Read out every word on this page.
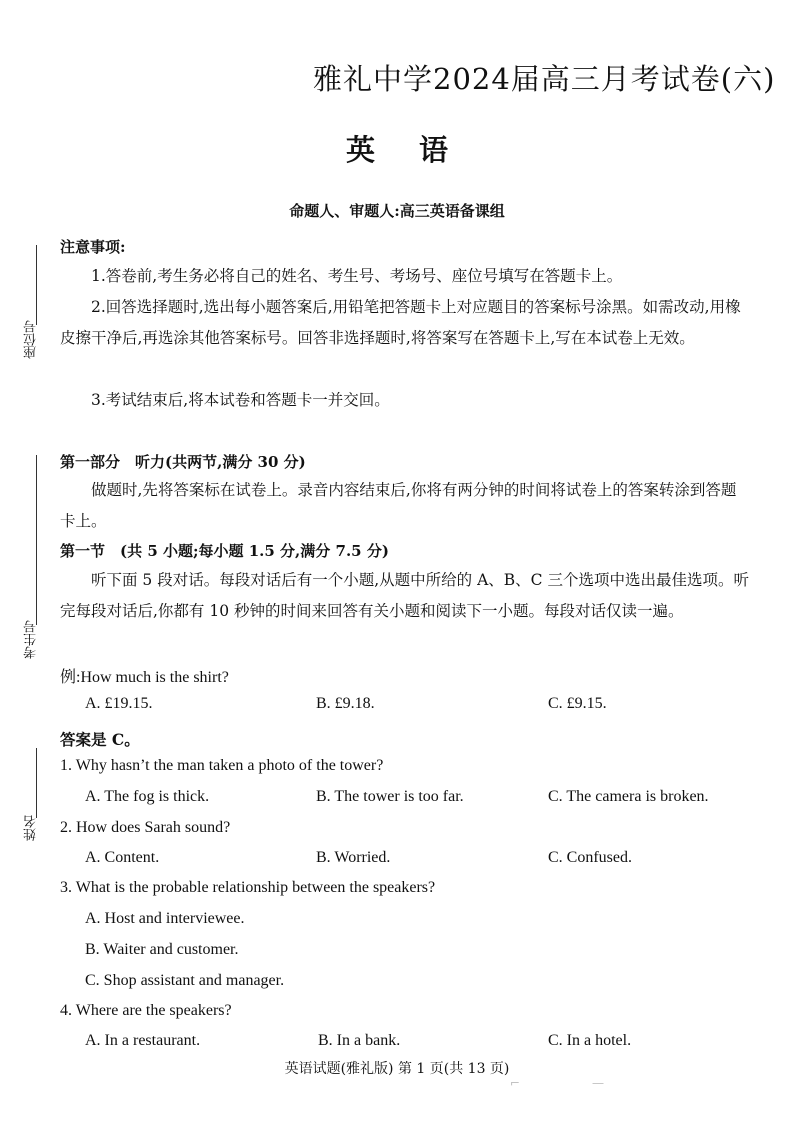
座位号
考生号
姓名
雅礼中学2024届高三月考试卷(六)
英 语
命题人、审题人:高三英语备课组
注意事项:
1.答卷前,考生务必将自己的姓名、考生号、考场号、座位号填写在答题卡上。
2.回答选择题时,选出每小题答案后,用铅笔把答题卡上对应题目的答案标号涂黑。如需改动,用橡皮擦干净后,再选涂其他答案标号。回答非选择题时,将答案写在答题卡上,写在本试卷上无效。
3.考试结束后,将本试卷和答题卡一并交回。
第一部分　听力(共两节,满分 30 分)
做题时,先将答案标在试卷上。录音内容结束后,你将有两分钟的时间将试卷上的答案转涂到答题卡上。
第一节　(共 5 小题;每小题 1.5 分,满分 7.5 分)
听下面 5 段对话。每段对话后有一个小题,从题中所给的 A、B、C 三个选项中选出最佳选项。听完每段对话后,你都有 10 秒钟的时间来回答有关小题和阅读下一小题。每段对话仅读一遍。
例:How much is the shirt?
A. £19.15.	B. £9.18.	C. £9.15.
答案是 C。
1. Why hasn’t the man taken a photo of the tower?
A. The fog is thick.	B. The tower is too far.	C. The camera is broken.
2. How does Sarah sound?
A. Content.	B. Worried.	C. Confused.
3. What is the probable relationship between the speakers?
A. Host and interviewee.
B. Waiter and customer.
C. Shop assistant and manager.
4. Where are the speakers?
A. In a restaurant.	B. In a bank.	C. In a hotel.
英语试题(雅礼版) 第 1 页(共 13 页)
⌐	—
